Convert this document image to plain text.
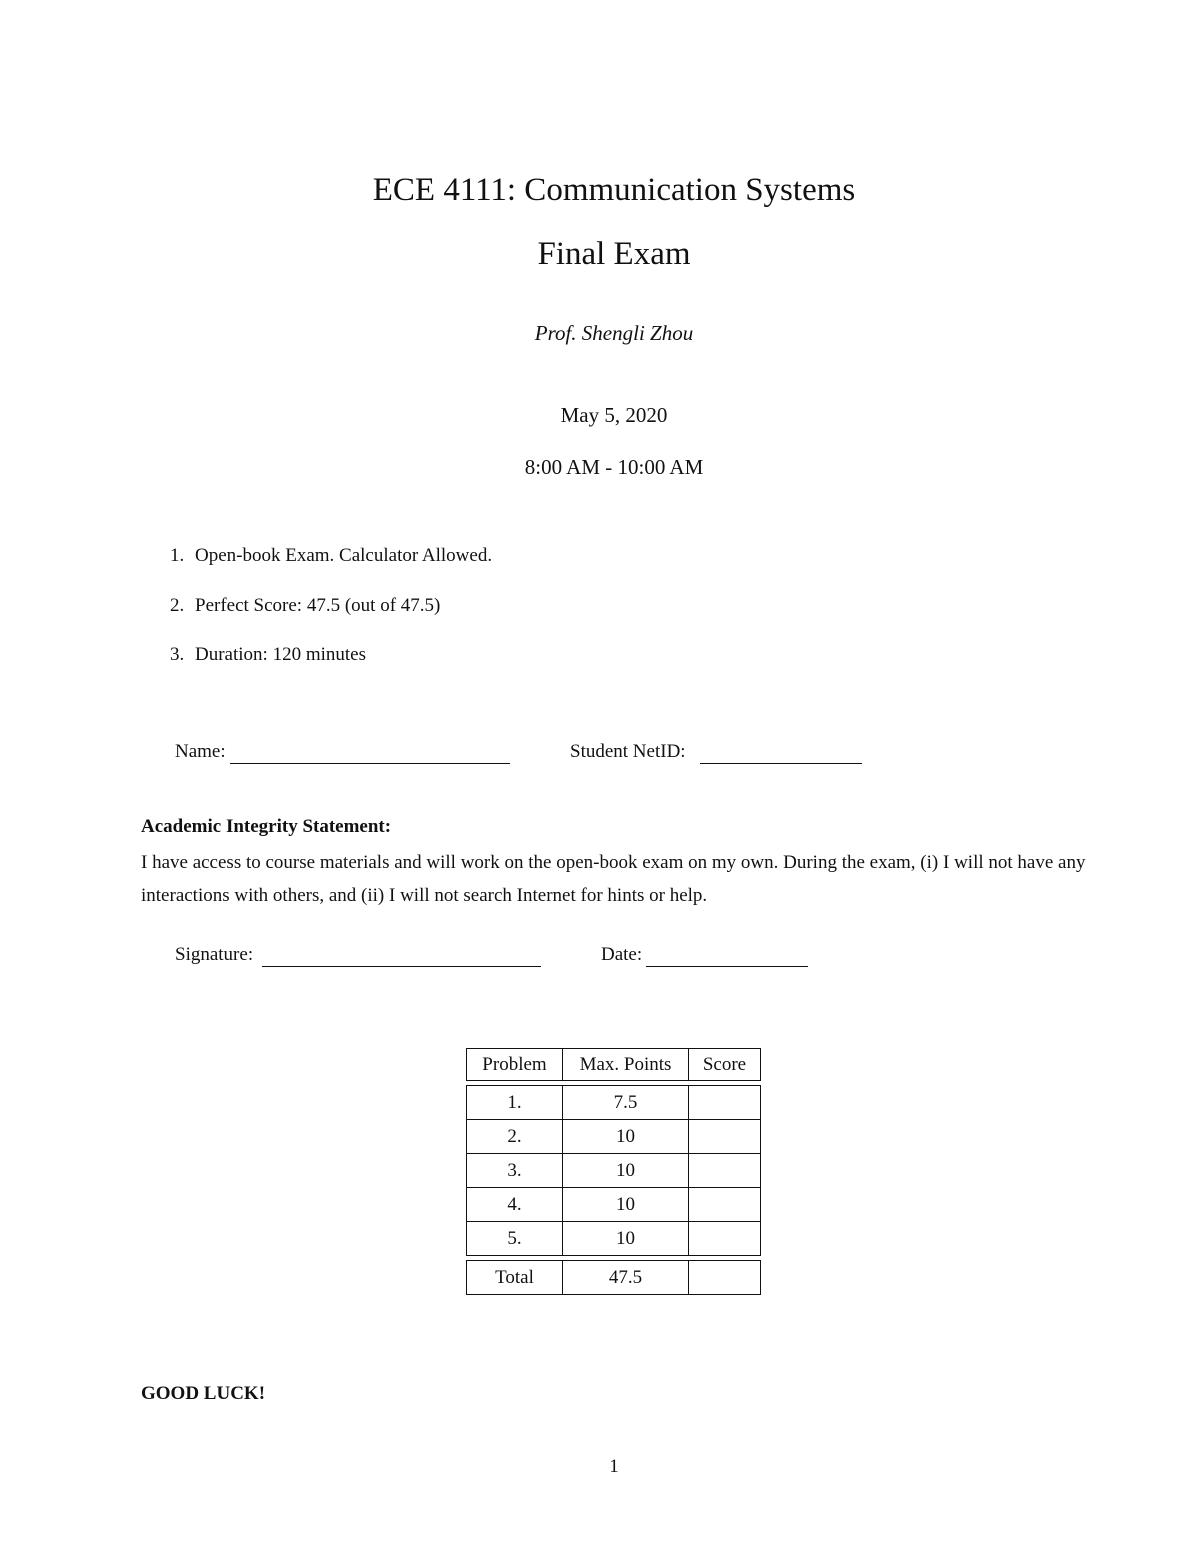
ECE 4111: Communication Systems
Final Exam
Prof. Shengli Zhou
May 5, 2020
8:00 AM - 10:00 AM
1. Open-book Exam. Calculator Allowed.
2. Perfect Score: 47.5 (out of 47.5)
3. Duration: 120 minutes
Name:	Student NetID:
Academic Integrity Statement:
I have access to course materials and will work on the open-book exam on my own. During the exam, (i) I will not have any interactions with others, and (ii) I will not search Internet for hints or help.
Signature:	Date:
Problem	Max. Points	Score

1.	7.5	
2.	10	
3.	10	
4.	10	
5.	10	

Total	47.5	
GOOD LUCK!
1
